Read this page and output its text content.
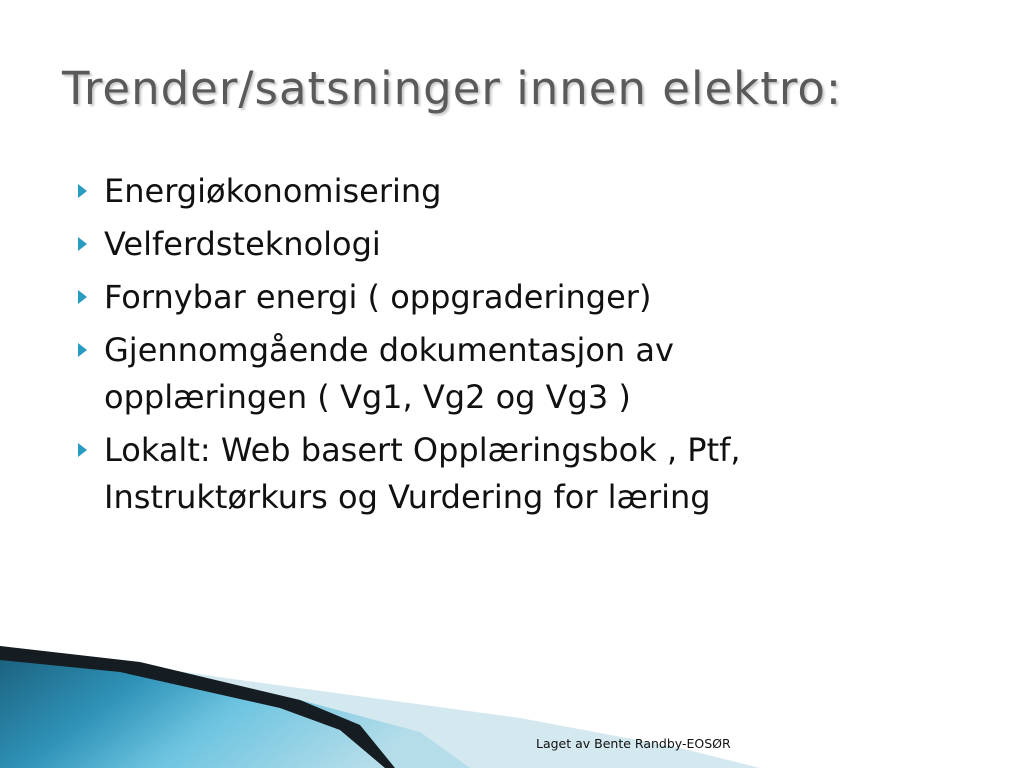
Trender/satsninger innen elektro:
Energiøkonomisering
Velferdsteknologi
Fornybar energi ( oppgraderinger)
Gjennomgående dokumentasjon av
opplæringen ( Vg1, Vg2 og Vg3 )
Lokalt: Web basert Opplæringsbok , Ptf,
Instruktørkurs og Vurdering for læring
Laget av Bente Randby-EOSØR
